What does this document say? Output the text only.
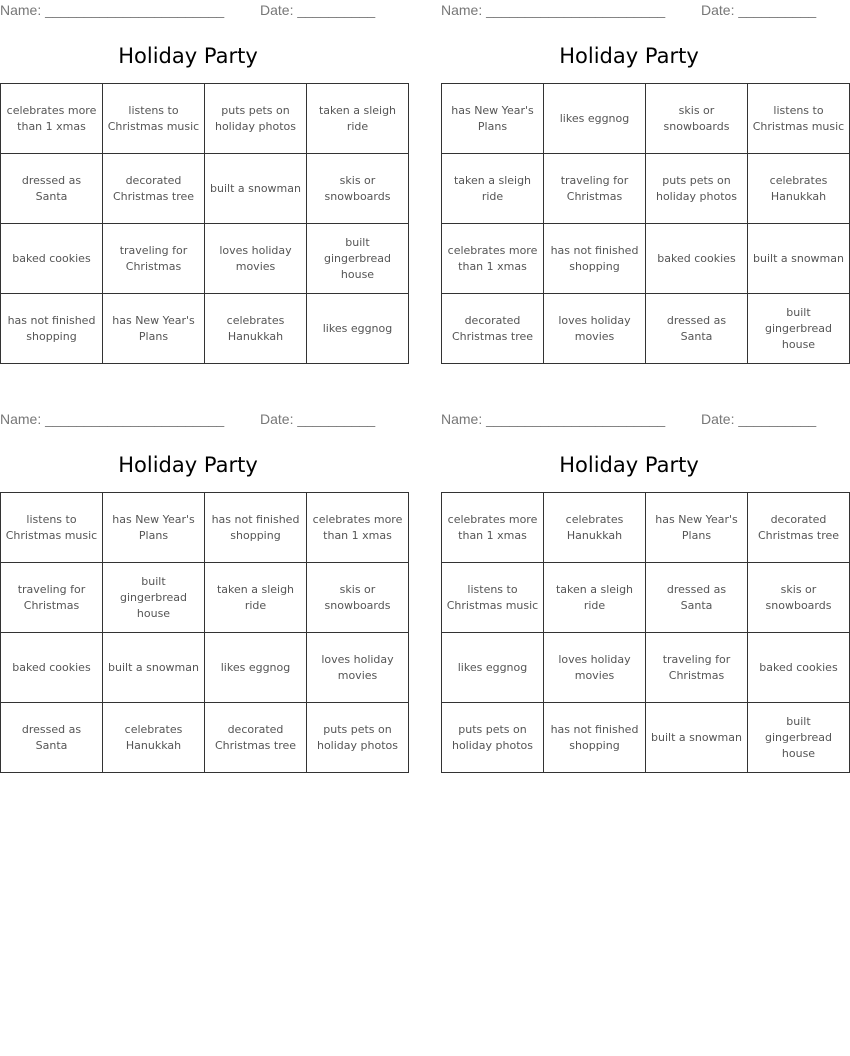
Name: _______________________	Date: __________
Holiday Party
celebrates more than 1 xmas	listens to Christmas music	puts pets on holiday photos	taken a sleigh ride
dressed as Santa	decorated Christmas tree	built a snowman	skis or snowboards
baked cookies	traveling for Christmas	loves holiday movies	built gingerbread house
has not finished shopping	has New Year's Plans	celebrates Hanukkah	likes eggnog
Name: _______________________	Date: __________
Holiday Party
has New Year's Plans	likes eggnog	skis or snowboards	listens to Christmas music
taken a sleigh ride	traveling for Christmas	puts pets on holiday photos	celebrates Hanukkah
celebrates more than 1 xmas	has not finished shopping	baked cookies	built a snowman
decorated Christmas tree	loves holiday movies	dressed as Santa	built gingerbread house
Name: _______________________	Date: __________
Holiday Party
listens to Christmas music	has New Year's Plans	has not finished shopping	celebrates more than 1 xmas
traveling for Christmas	built gingerbread house	taken a sleigh ride	skis or snowboards
baked cookies	built a snowman	likes eggnog	loves holiday movies
dressed as Santa	celebrates Hanukkah	decorated Christmas tree	puts pets on holiday photos
Name: _______________________	Date: __________
Holiday Party
celebrates more than 1 xmas	celebrates Hanukkah	has New Year's Plans	decorated Christmas tree
listens to Christmas music	taken a sleigh ride	dressed as Santa	skis or snowboards
likes eggnog	loves holiday movies	traveling for Christmas	baked cookies
puts pets on holiday photos	has not finished shopping	built a snowman	built gingerbread house
